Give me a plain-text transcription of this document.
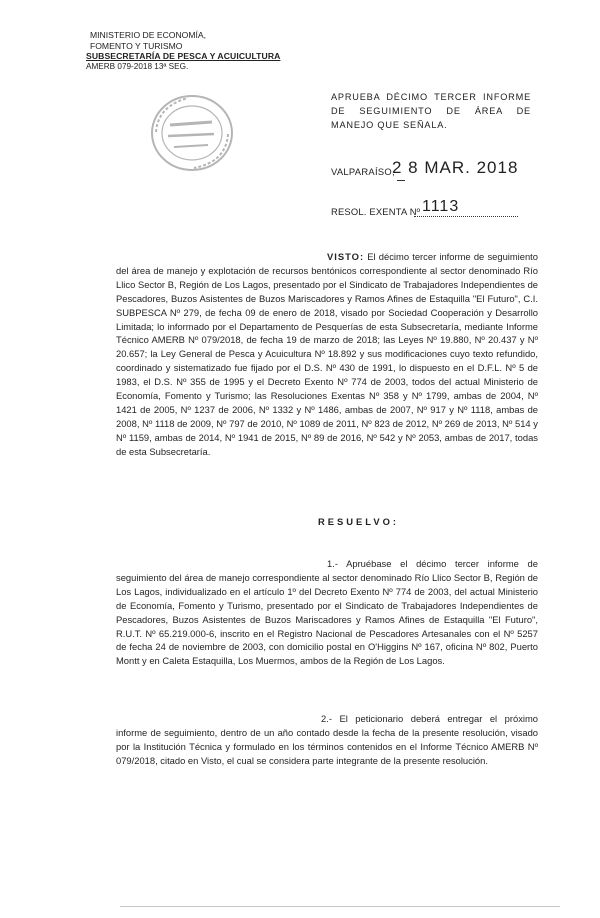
MINISTERIO DE ECONOMÍA,
FOMENTO Y TURISMO
SUBSECRETARÍA DE PESCA Y ACUICULTURA
AMERB 079-2018 13ª SEG.
APRUEBA DÉCIMO TERCER INFORME DE SEGUIMIENTO DE ÁREA DE MANEJO QUE SEÑALA.
VALPARAÍSO,
2 8 MAR. 2018
RESOL. EXENTA Nº 1113
VISTO: El décimo tercer informe de seguimiento del área de manejo y explotación de recursos bentónicos correspondiente al sector denominado Río Llico Sector B, Región de Los Lagos, presentado por el Sindicato de Trabajadores Independientes de Pescadores, Buzos Asistentes de Buzos Mariscadores y Ramos Afines de Estaquilla "El Futuro", C.I. SUBPESCA Nº 279, de fecha 09 de enero de 2018, visado por Sociedad Cooperación y Desarrollo Limitada; lo informado por el Departamento de Pesquerías de esta Subsecretaría, mediante Informe Técnico AMERB Nº 079/2018, de fecha 19 de marzo de 2018; las Leyes Nº 19.880, Nº 20.437 y Nº 20.657; la Ley General de Pesca y Acuicultura Nº 18.892 y sus modificaciones cuyo texto refundido, coordinado y sistematizado fue fijado por el D.S. Nº 430 de 1991, lo dispuesto en el D.F.L. Nº 5 de 1983, el D.S. Nº 355 de 1995 y el Decreto Exento Nº 774 de 2003, todos del actual Ministerio de Economía, Fomento y Turismo; las Resoluciones Exentas Nº 358 y Nº 1799, ambas de 2004, Nº 1421 de 2005, Nº 1237 de 2006, Nº 1332 y Nº 1486, ambas de 2007, Nº 917 y Nº 1118, ambas de 2008, Nº 1118 de 2009, Nº 797 de 2010, Nº 1089 de 2011, Nº 823 de 2012, Nº 269 de 2013, Nº 514 y Nº 1159, ambas de 2014, Nº 1941 de 2015, Nº 89 de 2016, Nº 542 y Nº 2053, ambas de 2017, todas de esta Subsecretaría.
RESUELVO:
1.- Apruébase el décimo tercer informe de seguimiento del área de manejo correspondiente al sector denominado Río Llico Sector B, Región de Los Lagos, individualizado en el artículo 1º del Decreto Exento Nº 774 de 2003, del actual Ministerio de Economía, Fomento y Turismo, presentado por el Sindicato de Trabajadores Independientes de Pescadores, Buzos Asistentes de Buzos Mariscadores y Ramos Afines de Estaquilla "El Futuro", R.U.T. Nº 65.219.000-6, inscrito en el Registro Nacional de Pescadores Artesanales con el Nº 5257 de fecha 24 de noviembre de 2003, con domicilio postal en O'Higgins Nº 167, oficina Nº 802, Puerto Montt y en Caleta Estaquilla, Los Muermos, ambos de la Región de Los Lagos.
2.- El peticionario deberá entregar el próximo informe de seguimiento, dentro de un año contado desde la fecha de la presente resolución, visado por la Institución Técnica y formulado en los términos contenidos en el Informe Técnico AMERB Nº 079/2018, citado en Visto, el cual se considera parte integrante de la presente resolución.
